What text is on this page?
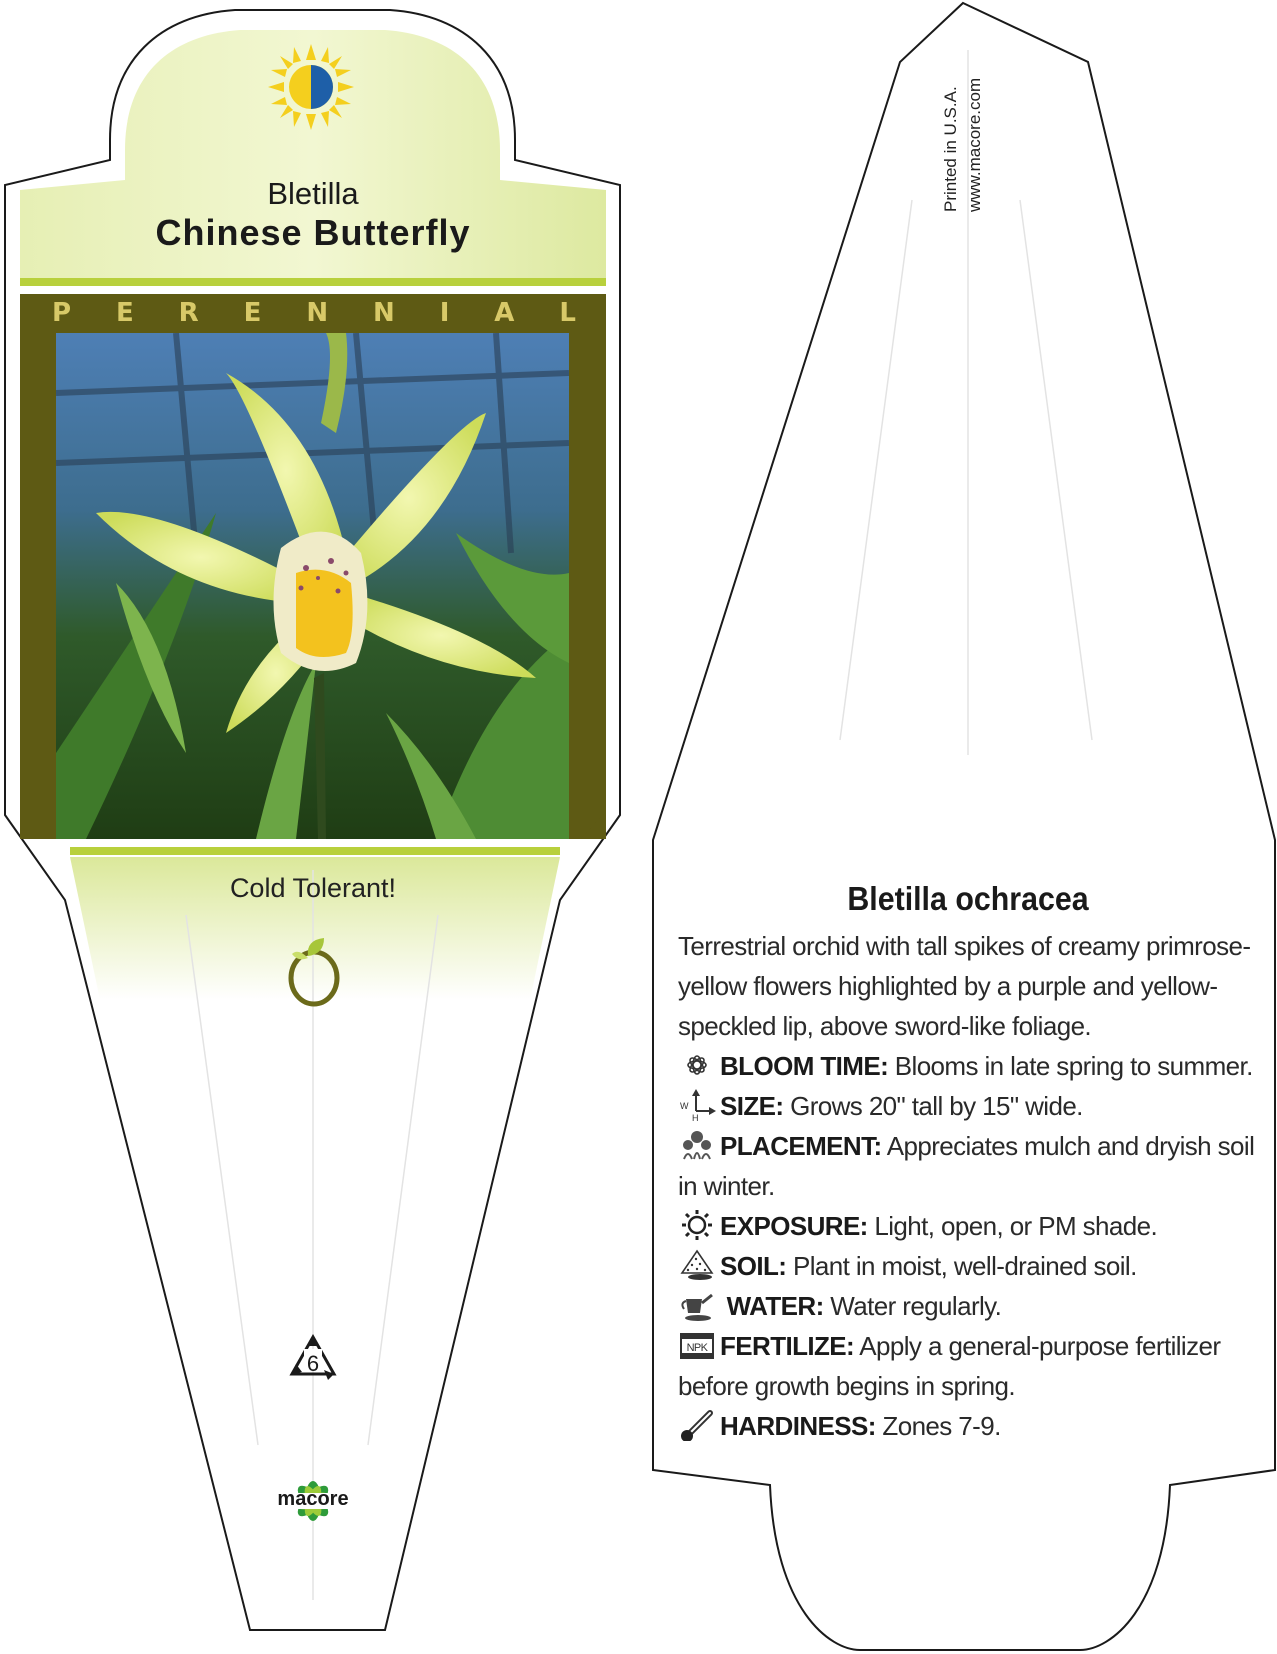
Bletilla
Chinese Butterfly
P E R E N N I A L
Cold Tolerant!
6
macore
Printed in U.S.A. www.macore.com
Bletilla ochracea

Terrestrial orchid with tall spikes of creamy primrose-yellow flowers highlighted by a purple and yellow-speckled lip, above sword-like foliage.

BLOOM TIME: Blooms in late spring to summer.
W
H SIZE: Grows 20" tall by 15" wide.
PLACEMENT: Appreciates mulch and dryish soil in winter.
EXPOSURE: Light, open, or PM shade.
SOIL: Plant in moist, well-drained soil.
WATER: Water regularly.
NPK FERTILIZE: Apply a general-purpose fertilizer before growth begins in spring.
HARDINESS: Zones 7-9.
